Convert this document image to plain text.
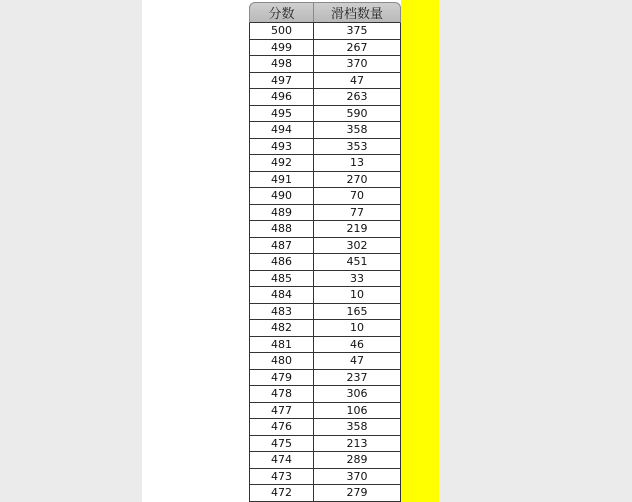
分数	滑档数量
500	375
499	267
498	370
497	47
496	263
495	590
494	358
493	353
492	13
491	270
490	70
489	77
488	219
487	302
486	451
485	33
484	10
483	165
482	10
481	46
480	47
479	237
478	306
477	106
476	358
475	213
474	289
473	370
472	279
